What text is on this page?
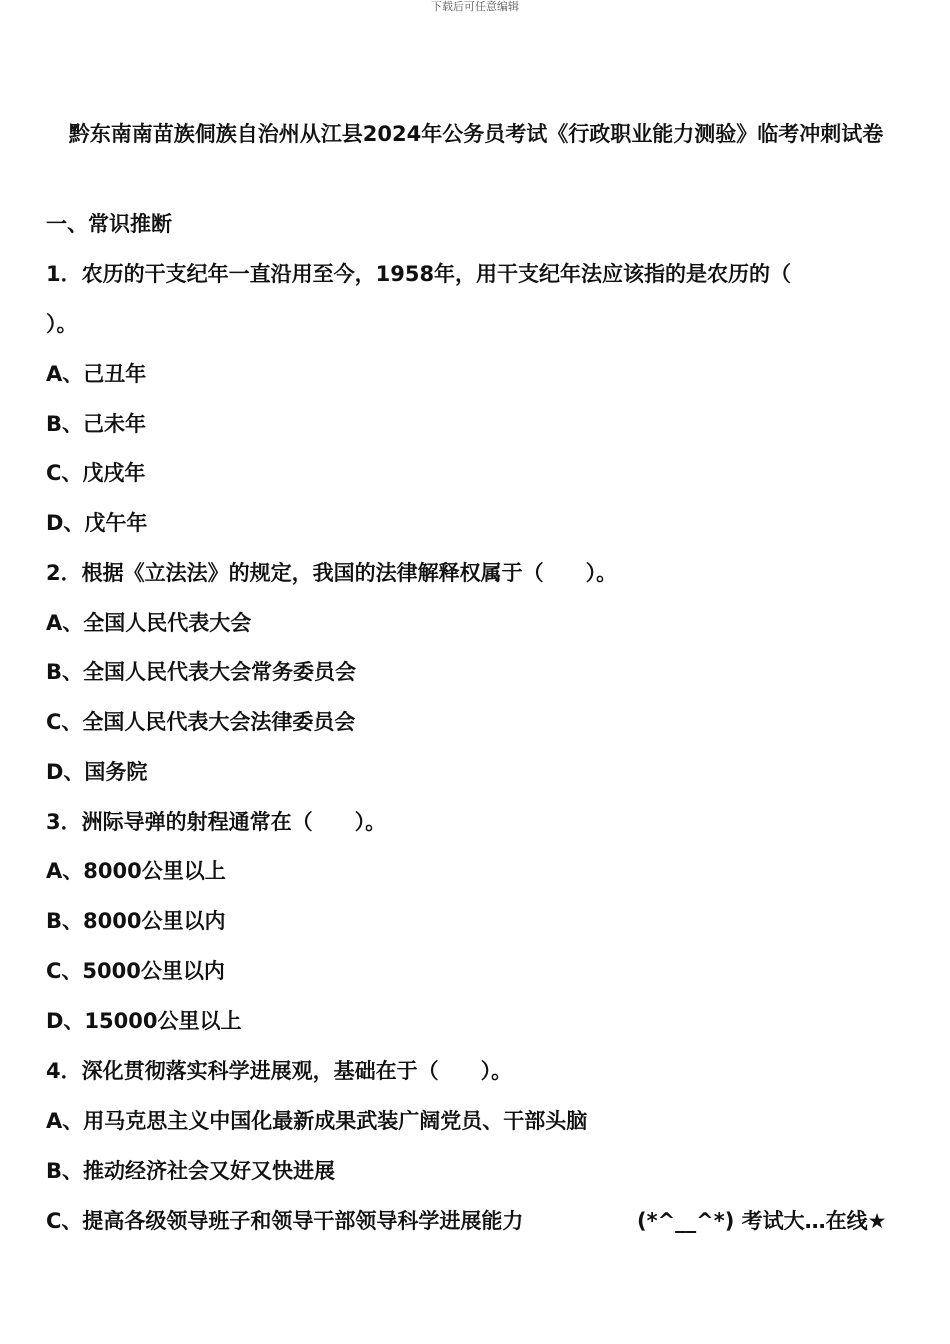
下载后可任意编辑
黔东南南苗族侗族自治州从江县2024年公务员考试《行政职业能力测验》临考冲刺试卷
一、常识推断
1．农历的干支纪年一直沿用至今，1958年，用干支纪年法应该指的是农历的（
）。
A、己丑年
B、己未年
C、戊戌年
D、戊午年
2．根据《立法法》的规定，我国的法律解释权属于（　　）。
A、全国人民代表大会
B、全国人民代表大会常务委员会
C、全国人民代表大会法律委员会
D、国务院
3．洲际导弹的射程通常在（　　）。
A、8000公里以上
B、8000公里以内
C、5000公里以内
D、15000公里以上
4．深化贯彻落实科学进展观，基础在于（　　）。
A、用马克思主义中国化最新成果武装广阔党员、干部头脑
B、推动经济社会又好又快进展
C、提高各级领导班子和领导干部领导科学进展能力	(*^__^*) 考试大…在线★
